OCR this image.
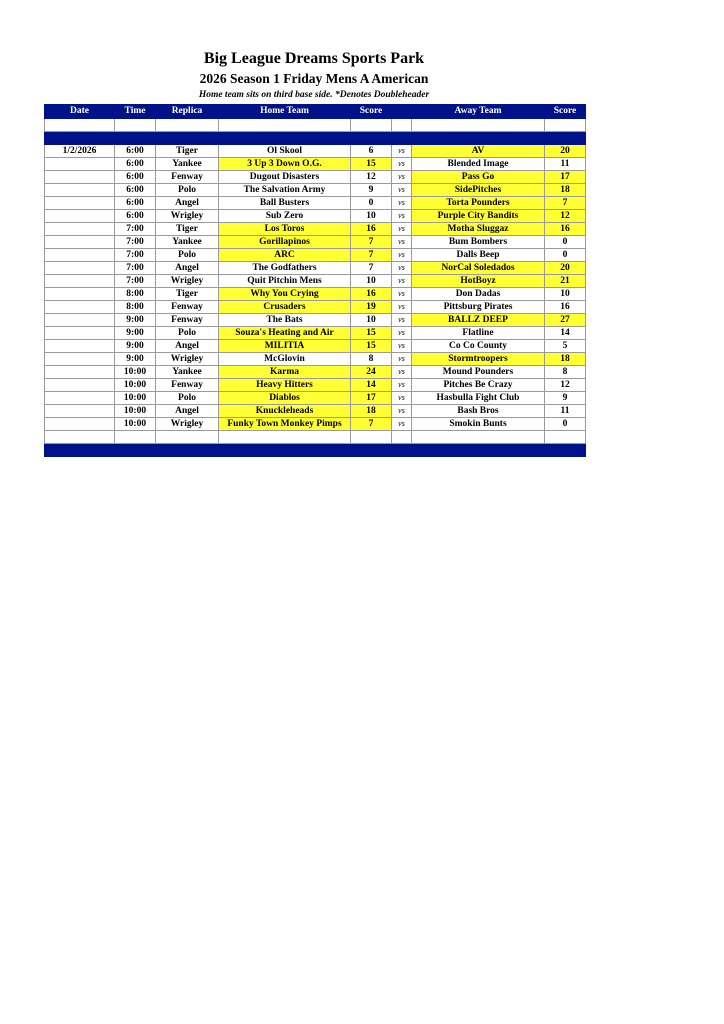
Big League Dreams Sports Park
2026 Season 1 Friday Mens A American
Home team sits on third base side. *Denotes Doubleheader
Date	Time	Replica	Home Team	Score		Away Team	Score

1/2/2026	6:00	Tiger	Ol Skool	6	vs	AV	20
	6:00	Yankee	3 Up 3 Down O.G.	15	vs	Blended Image	11
	6:00	Fenway	Dugout Disasters	12	vs	Pass Go	17
	6:00	Polo	The Salvation Army	9	vs	SidePitches	18
	6:00	Angel	Ball Busters	0	vs	Torta Pounders	7
	6:00	Wrigley	Sub Zero	10	vs	Purple City Bandits	12
	7:00	Tiger	Los Toros	16	vs	Motha Sluggaz	16
	7:00	Yankee	Gorillapinos	7	vs	Bum Bombers	0
	7:00	Polo	ARC	7	vs	Dalls Beep	0
	7:00	Angel	The Godfathers	7	vs	NorCal Soledados	20
	7:00	Wrigley	Quit Pitchin Mens	10	vs	HotBoyz	21
	8:00	Tiger	Why You Crying	16	vs	Don Dadas	10
	8:00	Fenway	Crusaders	19	vs	Pittsburg Pirates	16
	9:00	Fenway	The Bats	10	vs	BALLZ DEEP	27
	9:00	Polo	Souza's Heating and Air	15	vs	Flatline	14
	9:00	Angel	MILITIA	15	vs	Co Co County	5
	9:00	Wrigley	McGlovin	8	vs	Stormtroopers	18
	10:00	Yankee	Karma	24	vs	Mound Pounders	8
	10:00	Fenway	Heavy Hitters	14	vs	Pitches Be Crazy	12
	10:00	Polo	Diablos	17	vs	Hasbulla Fight Club	9
	10:00	Angel	Knuckleheads	18	vs	Bash Bros	11
	10:00	Wrigley	Funky Town Monkey Pimps	7	vs	Smokin Bunts	0
